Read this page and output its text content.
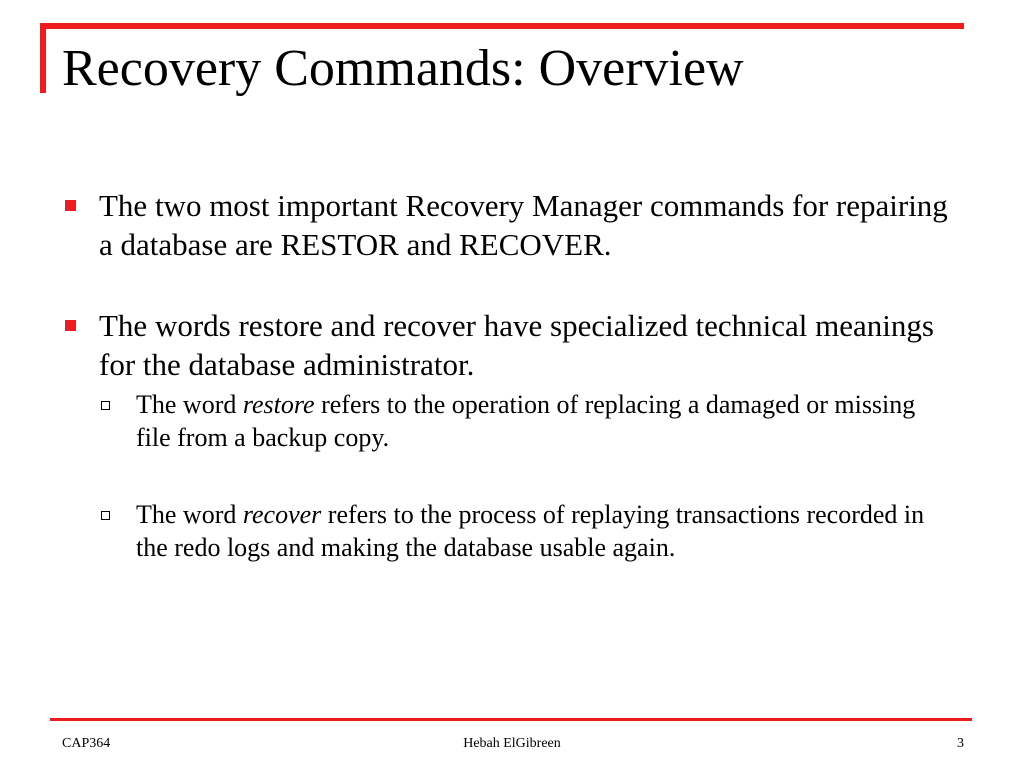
Recovery Commands: Overview
The two most important Recovery Manager commands for repairing a database are RESTOR and RECOVER.
The words restore and recover have specialized technical meanings for the database administrator.
The word restore refers to the operation of replacing a damaged or missing file from a backup copy.
The word recover refers to the process of replaying transactions recorded in the redo logs and making the database usable again.
CAP364	Hebah ElGibreen	3
